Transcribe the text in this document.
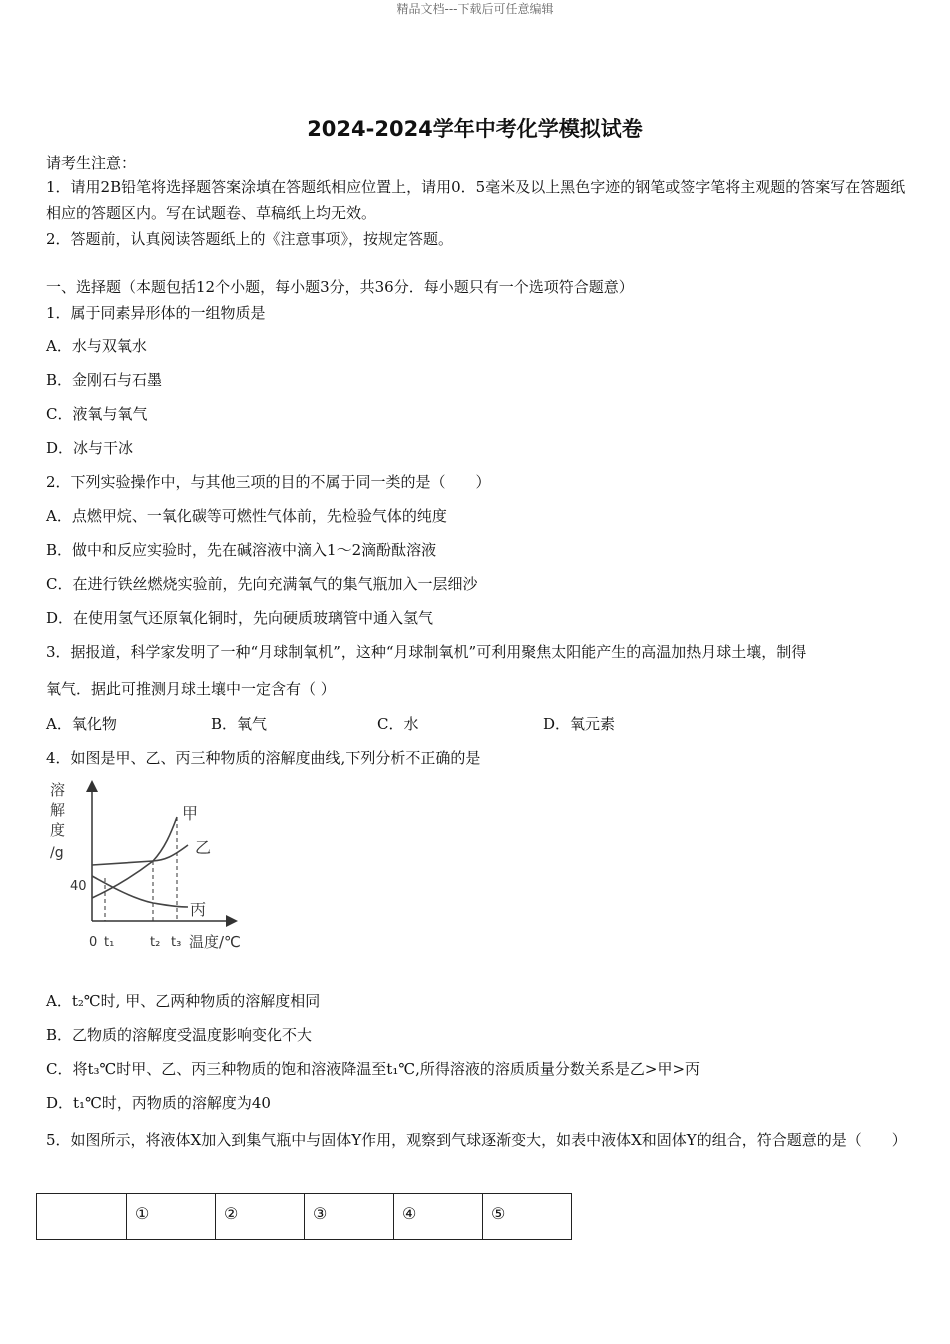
精品文档---下载后可任意编辑
2024-2024学年中考化学模拟试卷
请考生注意：
1．请用2B铅笔将选择题答案涂填在答题纸相应位置上，请用0．5毫米及以上黑色字迹的钢笔或签字笔将主观题的答案写在答题纸相应的答题区内。写在试题卷、草稿纸上均无效。
2．答题前，认真阅读答题纸上的《注意事项》，按规定答题。
一、选择题（本题包括12个小题，每小题3分，共36分．每小题只有一个选项符合题意）
1．属于同素异形体的一组物质是
A．水与双氧水
B．金刚石与石墨
C．液氧与氧气
D．冰与干冰
2．下列实验操作中，与其他三项的目的不属于同一类的是（　　）
A．点燃甲烷、一氧化碳等可燃性气体前，先检验气体的纯度
B．做中和反应实验时，先在碱溶液中滴入1～2滴酚酞溶液
C．在进行铁丝燃烧实验前，先向充满氧气的集气瓶加入一层细沙
D．在使用氢气还原氧化铜时，先向硬质玻璃管中通入氢气
3．据报道，科学家发明了一种“月球制氧机”，这种“月球制氧机”可利用聚焦太阳能产生的高温加热月球土壤，制得
氧气．据此可推测月球土壤中一定含有（ ）
A．氧化物	B．氧气	C．水	D．氧元素
4．如图是甲、乙、丙三种物质的溶解度曲线,下列分析不正确的是
溶
解
度
/g
40
0 t₁	t₂ t₃ 温度/℃
甲
乙
丙
A．t₂℃时, 甲、乙两种物质的溶解度相同
B．乙物质的溶解度受温度影响变化不大
C．将t₃℃时甲、乙、丙三种物质的饱和溶液降温至t₁℃,所得溶液的溶质质量分数关系是乙>甲>丙
D．t₁℃时，丙物质的溶解度为40
5．如图所示，将液体X加入到集气瓶中与固体Y作用，观察到气球逐渐变大，如表中液体X和固体Y的组合，符合题意的是（　　）
	①	②	③	④	⑤
